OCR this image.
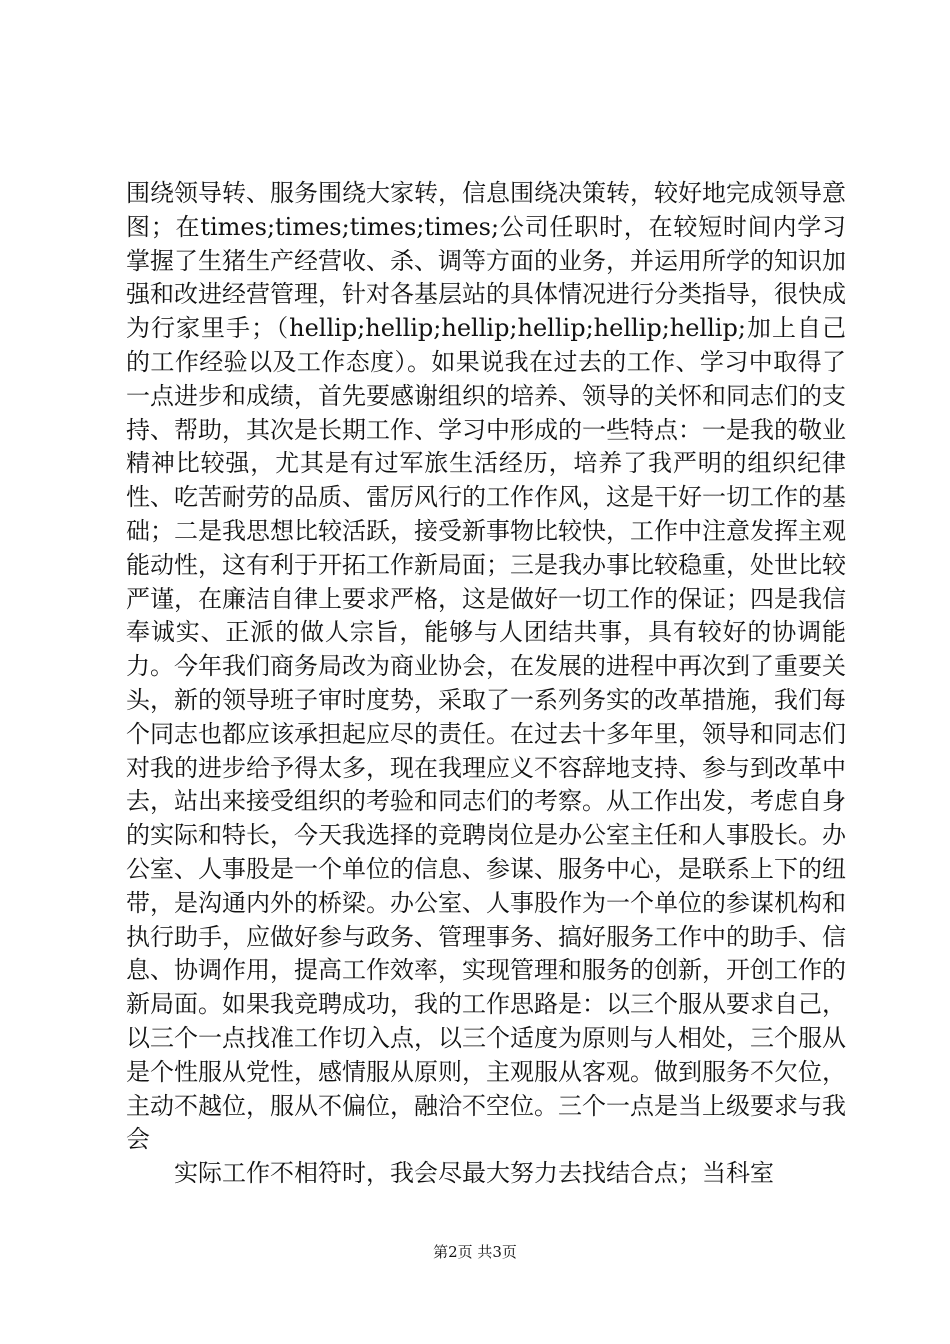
围绕领导转、服务围绕大家转，信息围绕决策转，较好地完成领导意图；在times;times;times;times;公司任职时，在较短时间内学习掌握了生猪生产经营收、杀、调等方面的业务，并运用所学的知识加强和改进经营管理，针对各基层站的具体情况进行分类指导，很快成为行家里手；（hellip;hellip;hellip;hellip;hellip;hellip;加上自己的工作经验以及工作态度）。如果说我在过去的工作、学习中取得了一点进步和成绩，首先要感谢组织的培养、领导的关怀和同志们的支持、帮助，其次是长期工作、学习中形成的一些特点：一是我的敬业精神比较强，尤其是有过军旅生活经历，培养了我严明的组织纪律性、吃苦耐劳的品质、雷厉风行的工作作风，这是干好一切工作的基础；二是我思想比较活跃，接受新事物比较快，工作中注意发挥主观能动性，这有利于开拓工作新局面；三是我办事比较稳重，处世比较严谨，在廉洁自律上要求严格，这是做好一切工作的保证；四是我信奉诚实、正派的做人宗旨，能够与人团结共事，具有较好的协调能力。今年我们商务局改为商业协会，在发展的进程中再次到了重要关头，新的领导班子审时度势，采取了一系列务实的改革措施，我们每个同志也都应该承担起应尽的责任。在过去十多年里，领导和同志们对我的进步给予得太多，现在我理应义不容辞地支持、参与到改革中去，站出来接受组织的考验和同志们的考察。从工作出发，考虑自身的实际和特长，今天我选择的竞聘岗位是办公室主任和人事股长。办公室、人事股是一个单位的信息、参谋、服务中心，是联系上下的纽带，是沟通内外的桥梁。办公室、人事股作为一个单位的参谋机构和执行助手，应做好参与政务、管理事务、搞好服务工作中的助手、信息、协调作用，提高工作效率，实现管理和服务的创新，开创工作的新局面。如果我竞聘成功，我的工作思路是：以三个服从要求自己，以三个一点找准工作切入点，以三个适度为原则与人相处，三个服从是个性服从党性，感情服从原则，主观服从客观。做到服务不欠位，主动不越位，服从不偏位，融洽不空位。三个一点是当上级要求与我会

实际工作不相符时，我会尽最大努力去找结合点；当科室

第2页 共3页
